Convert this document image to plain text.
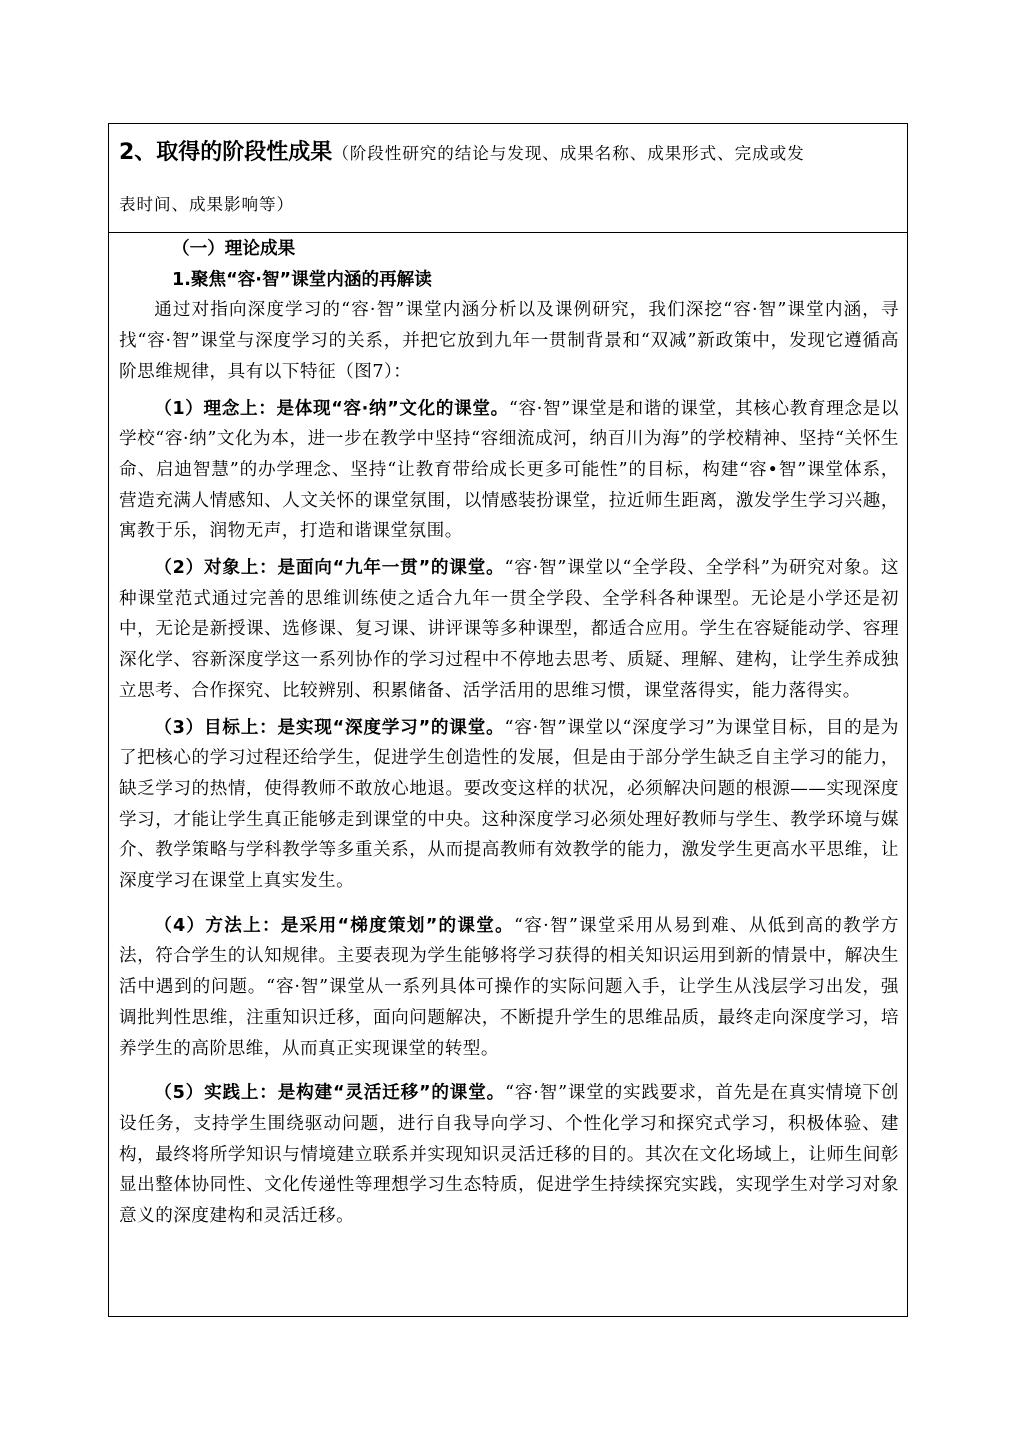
2、取得的阶段性成果（阶段性研究的结论与发现、成果名称、成果形式、完成或发
表时间、成果影响等）

（一）理论成果

1.聚焦“容·智”课堂内涵的再解读

通过对指向深度学习的“容·智”课堂内涵分析以及课例研究，我们深挖“容·智”课堂内涵，寻找“容·智”课堂与深度学习的关系，并把它放到九年一贯制背景和“双减”新政策中，发现它遵循高阶思维规律，具有以下特征（图7）：

（1）理念上：是体现“容·纳”文化的课堂。“容·智”课堂是和谐的课堂，其核心教育理念是以学校“容·纳”文化为本，进一步在教学中坚持“容细流成河，纳百川为海”的学校精神、坚持“关怀生命、启迪智慧”的办学理念、坚持“让教育带给成长更多可能性”的目标，构建“容•智”课堂体系，营造充满人情感知、人文关怀的课堂氛围，以情感装扮课堂，拉近师生距离，激发学生学习兴趣，寓教于乐，润物无声，打造和谐课堂氛围。

（2）对象上：是面向“九年一贯”的课堂。“容·智”课堂以“全学段、全学科”为研究对象。这种课堂范式通过完善的思维训练使之适合九年一贯全学段、全学科各种课型。无论是小学还是初中，无论是新授课、选修课、复习课、讲评课等多种课型，都适合应用。学生在容疑能动学、容理深化学、容新深度学这一系列协作的学习过程中不停地去思考、质疑、理解、建构，让学生养成独立思考、合作探究、比较辨别、积累储备、活学活用的思维习惯，课堂落得实，能力落得实。

（3）目标上：是实现“深度学习”的课堂。“容·智”课堂以“深度学习”为课堂目标，目的是为了把核心的学习过程还给学生，促进学生创造性的发展，但是由于部分学生缺乏自主学习的能力，缺乏学习的热情，使得教师不敢放心地退。要改变这样的状况，必须解决问题的根源——实现深度学习，才能让学生真正能够走到课堂的中央。这种深度学习必须处理好教师与学生、教学环境与媒介、教学策略与学科教学等多重关系，从而提高教师有效教学的能力，激发学生更高水平思维，让深度学习在课堂上真实发生。

（4）方法上：是采用“梯度策划”的课堂。“容·智”课堂采用从易到难、从低到高的教学方法，符合学生的认知规律。主要表现为学生能够将学习获得的相关知识运用到新的情景中，解决生活中遇到的问题。“容·智”课堂从一系列具体可操作的实际问题入手，让学生从浅层学习出发，强调批判性思维，注重知识迁移，面向问题解决，不断提升学生的思维品质，最终走向深度学习，培养学生的高阶思维，从而真正实现课堂的转型。

（5）实践上：是构建“灵活迁移”的课堂。“容·智”课堂的实践要求，首先是在真实情境下创设任务，支持学生围绕驱动问题，进行自我导向学习、个性化学习和探究式学习，积极体验、建构，最终将所学知识与情境建立联系并实现知识灵活迁移的目的。其次在文化场域上，让师生间彰显出整体协同性、文化传递性等理想学习生态特质，促进学生持续探究实践，实现学生对学习对象意义的深度建构和灵活迁移。
